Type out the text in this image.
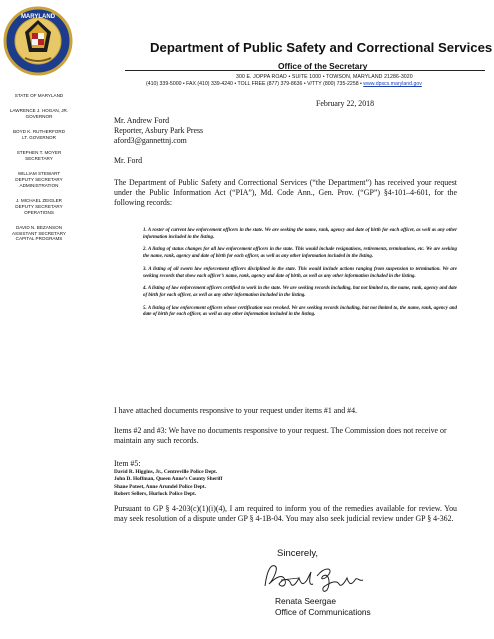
MARYLAND
Department of Public Safety and Correctional Services
Office of the Secretary
300 E. JOPPA ROAD • SUITE 1000 • TOWSON, MARYLAND 21286-3020
(410) 339-5000 • FAX (410) 339-4240 • TOLL FREE (877) 379-8636 • V/TTY (800) 735-2258 • www.dpscs.maryland.gov
STATE OF MARYLAND
LAWRENCE J. HOGAN, JR.
GOVERNOR
BOYD K. RUTHERFORD
LT. GOVERNOR
STEPHEN T. MOYER
SECRETARY
WILLIAM STEWART
DEPUTY SECRETARY ADMINISTRATION
J. MICHAEL ZEIGLER
DEPUTY SECRETARY OPERATIONS
DAVID N. BEZANSON
ASSISTANT SECRETARY CAPITAL PROGRAMS
February 22, 2018
Mr. Andrew Ford
Reporter, Asbury Park Press
aford3@gannettnj.com
Mr. Ford
The Department of Public Safety and Correctional Services (“the Department”) has received your request under the Public Information Act (“PIA”), Md. Code Ann., Gen. Prov. (“GP”) §4-101–4-601, for the following records:

1. A roster of current law enforcement officers in the state. We are seeking the name, rank, agency and date of birth for each officer, as well as any other information included in the listing.

2. A listing of status changes for all law enforcement officers in the state. This would include resignations, retirements, terminations, etc. We are seeking the name, rank, agency and date of birth for each officer, as well as any other information included in the listing.

3. A listing of all sworn law enforcement officers disciplined in the state. This would include actions ranging from suspension to termination. We are seeking records that show each officer’s name, rank, agency and date of birth, as well as any other information included in the listing.

4. A listing of law enforcement officers certified to work in the state. We are seeking records including, but not limited to, the name, rank, agency and date of birth for each officer, as well as any other information included in the listing.

5. A listing of law enforcement officers whose certification was revoked. We are seeking records including, but not limited to, the name, rank, agency and date of birth for each officer, as well as any other information included in the listing.

I have attached documents responsive to your request under items #1 and #4.
Items #2 and #3: We have no documents responsive to your request. The Commission does not receive or maintain any such records.
Item #5:
David R. Higgins, Jr., Centreville Police Dept.
John D. Hoffman, Queen Anne’s County Sheriff
Shane Poteet, Anne Arundel Police Dept.
Robert Sellers, Hurlock Police Dept.
Pursuant to GP § 4-203(c)(1)(i)(4), I am required to inform you of the remedies available for review. You may seek resolution of a dispute under GP § 4-1B-04. You may also seek judicial review under GP § 4-362.
Sincerely,
Renata Seergae
Office of Communications
